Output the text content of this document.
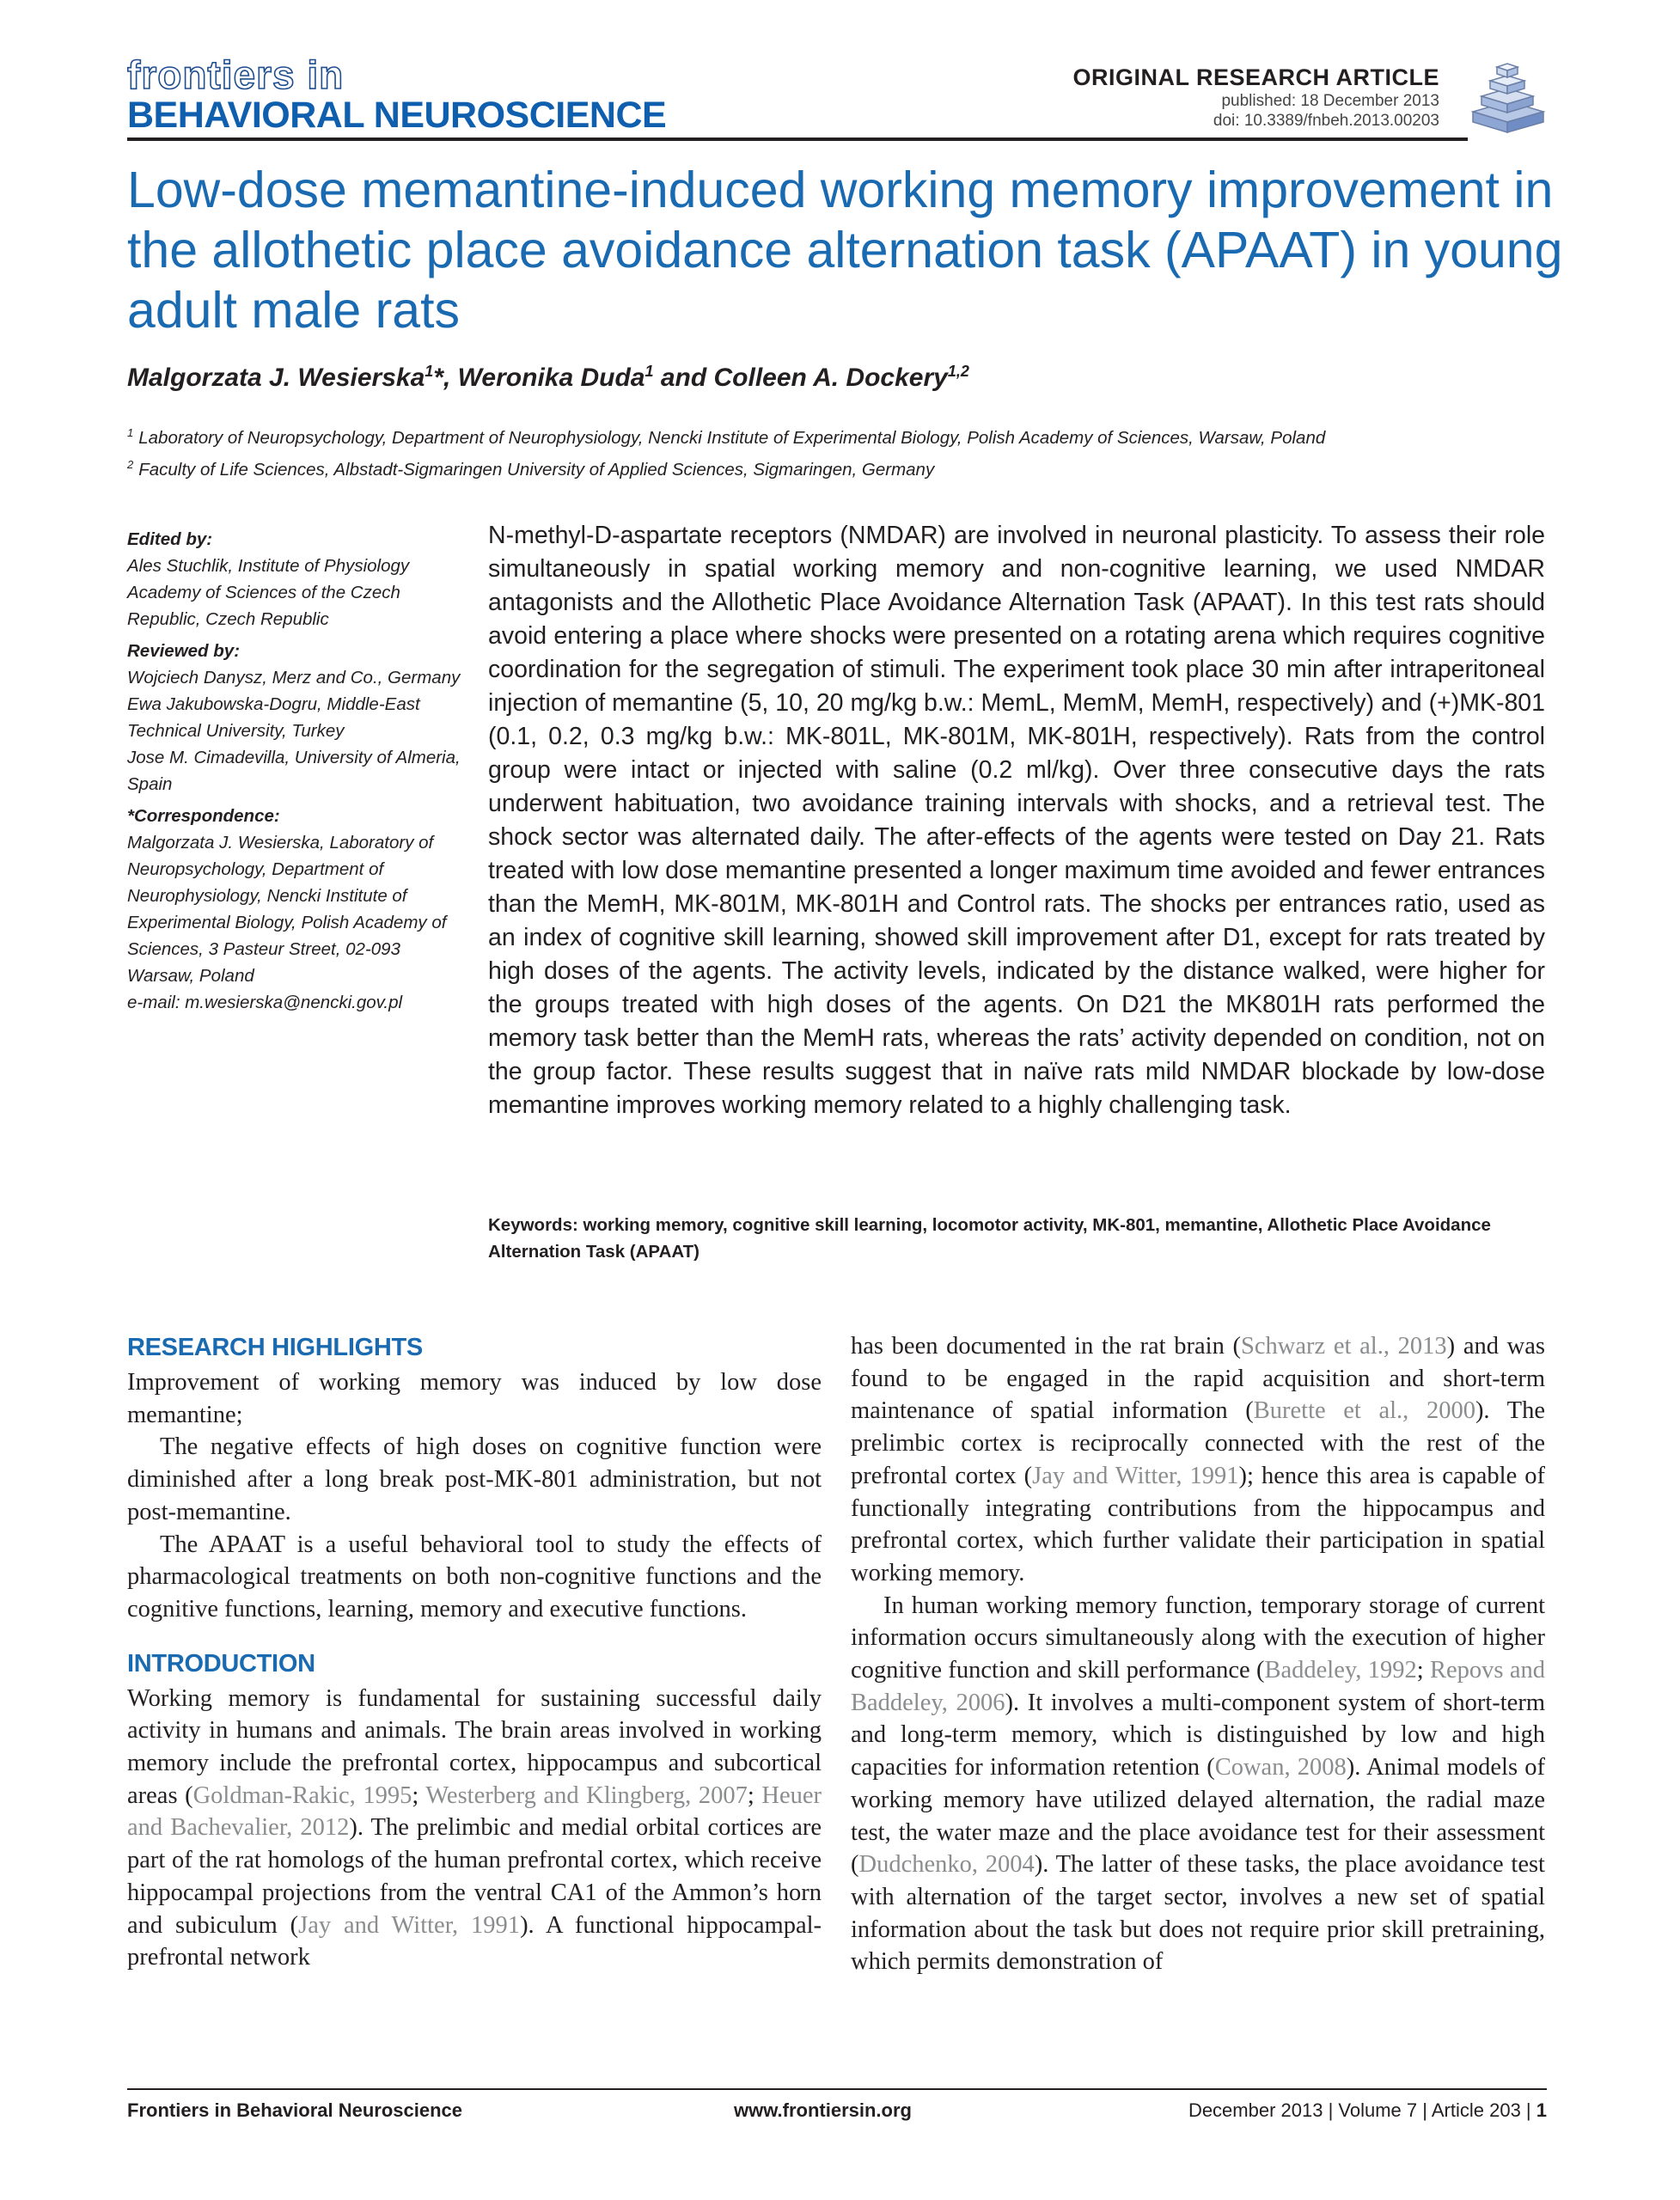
frontiers in
BEHAVIORAL NEUROSCIENCE
ORIGINAL RESEARCH ARTICLE
published: 18 December 2013
doi: 10.3389/fnbeh.2013.00203
Low-dose memantine-induced working memory improvement in the allothetic place avoidance alternation task (APAAT) in young adult male rats
Malgorzata J. Wesierska$^1$*, Weronika Duda$^1$ and Colleen A. Dockery$^{1,2}$
$^1$ Laboratory of Neuropsychology, Department of Neurophysiology, Nencki Institute of Experimental Biology, Polish Academy of Sciences, Warsaw, Poland
$^2$ Faculty of Life Sciences, Albstadt-Sigmaringen University of Applied Sciences, Sigmaringen, Germany
Edited by:
Ales Stuchlik, Institute of Physiology Academy of Sciences of the Czech Republic, Czech Republic
Reviewed by:
Wojciech Danysz, Merz and Co., Germany
Ewa Jakubowska-Dogru, Middle-East Technical University, Turkey
Jose M. Cimadevilla, University of Almeria, Spain
*Correspondence:
Malgorzata J. Wesierska, Laboratory of Neuropsychology, Department of Neurophysiology, Nencki Institute of Experimental Biology, Polish Academy of Sciences, 3 Pasteur Street, 02-093 Warsaw, Poland
e-mail: m.wesierska@nencki.gov.pl
N-methyl-D-aspartate receptors (NMDAR) are involved in neuronal plasticity. To assess their role simultaneously in spatial working memory and non-cognitive learning, we used NMDAR antagonists and the Allothetic Place Avoidance Alternation Task (APAAT). In this test rats should avoid entering a place where shocks were presented on a rotating arena which requires cognitive coordination for the segregation of stimuli. The experiment took place 30 min after intraperitoneal injection of memantine (5, 10, 20 mg/kg b.w.: MemL, MemM, MemH, respectively) and (+)MK-801 (0.1, 0.2, 0.3 mg/kg b.w.: MK-801L, MK-801M, MK-801H, respectively). Rats from the control group were intact or injected with saline (0.2 ml/kg). Over three consecutive days the rats underwent habituation, two avoidance training intervals with shocks, and a retrieval test. The shock sector was alternated daily. The after-effects of the agents were tested on Day 21. Rats treated with low dose memantine presented a longer maximum time avoided and fewer entrances than the MemH, MK-801M, MK-801H and Control rats. The shocks per entrances ratio, used as an index of cognitive skill learning, showed skill improvement after D1, except for rats treated by high doses of the agents. The activity levels, indicated by the distance walked, were higher for the groups treated with high doses of the agents. On D21 the MK801H rats performed the memory task better than the MemH rats, whereas the rats’ activity depended on condition, not on the group factor. These results suggest that in naïve rats mild NMDAR blockade by low-dose memantine improves working memory related to a highly challenging task.
Keywords: working memory, cognitive skill learning, locomotor activity, MK-801, memantine, Allothetic Place Avoidance Alternation Task (APAAT)
RESEARCH HIGHLIGHTS

Improvement of working memory was induced by low dose memantine;

The negative effects of high doses on cognitive function were diminished after a long break post-MK-801 administration, but not post-memantine.

The APAAT is a useful behavioral tool to study the effects of pharmacological treatments on both non-cognitive functions and the cognitive functions, learning, memory and executive functions.

INTRODUCTION

Working memory is fundamental for sustaining successful daily activity in humans and animals. The brain areas involved in working memory include the prefrontal cortex, hippocampus and subcortical areas (Goldman-Rakic, 1995; Westerberg and Klingberg, 2007; Heuer and Bachevalier, 2012). The prelimbic and medial orbital cortices are part of the rat homologs of the human prefrontal cortex, which receive hippocampal projections from the ventral CA1 of the Ammon’s horn and subiculum (Jay and Witter, 1991). A functional hippocampal-prefrontal network

has been documented in the rat brain (Schwarz et al., 2013) and was found to be engaged in the rapid acquisition and short-term maintenance of spatial information (Burette et al., 2000). The prelimbic cortex is reciprocally connected with the rest of the prefrontal cortex (Jay and Witter, 1991); hence this area is capable of functionally integrating contributions from the hippocampus and prefrontal cortex, which further validate their participation in spatial working memory.

In human working memory function, temporary storage of current information occurs simultaneously along with the execution of higher cognitive function and skill performance (Baddeley, 1992; Repovs and Baddeley, 2006). It involves a multi-component system of short-term and long-term memory, which is distinguished by low and high capacities for information retention (Cowan, 2008). Animal models of working memory have utilized delayed alternation, the radial maze test, the water maze and the place avoidance test for their assessment (Dudchenko, 2004). The latter of these tasks, the place avoidance test with alternation of the target sector, involves a new set of spatial information about the task but does not require prior skill pretraining, which permits demonstration of

Frontiers in Behavioral Neuroscience	www.frontiersin.org	December 2013 | Volume 7 | Article 203 | 1
